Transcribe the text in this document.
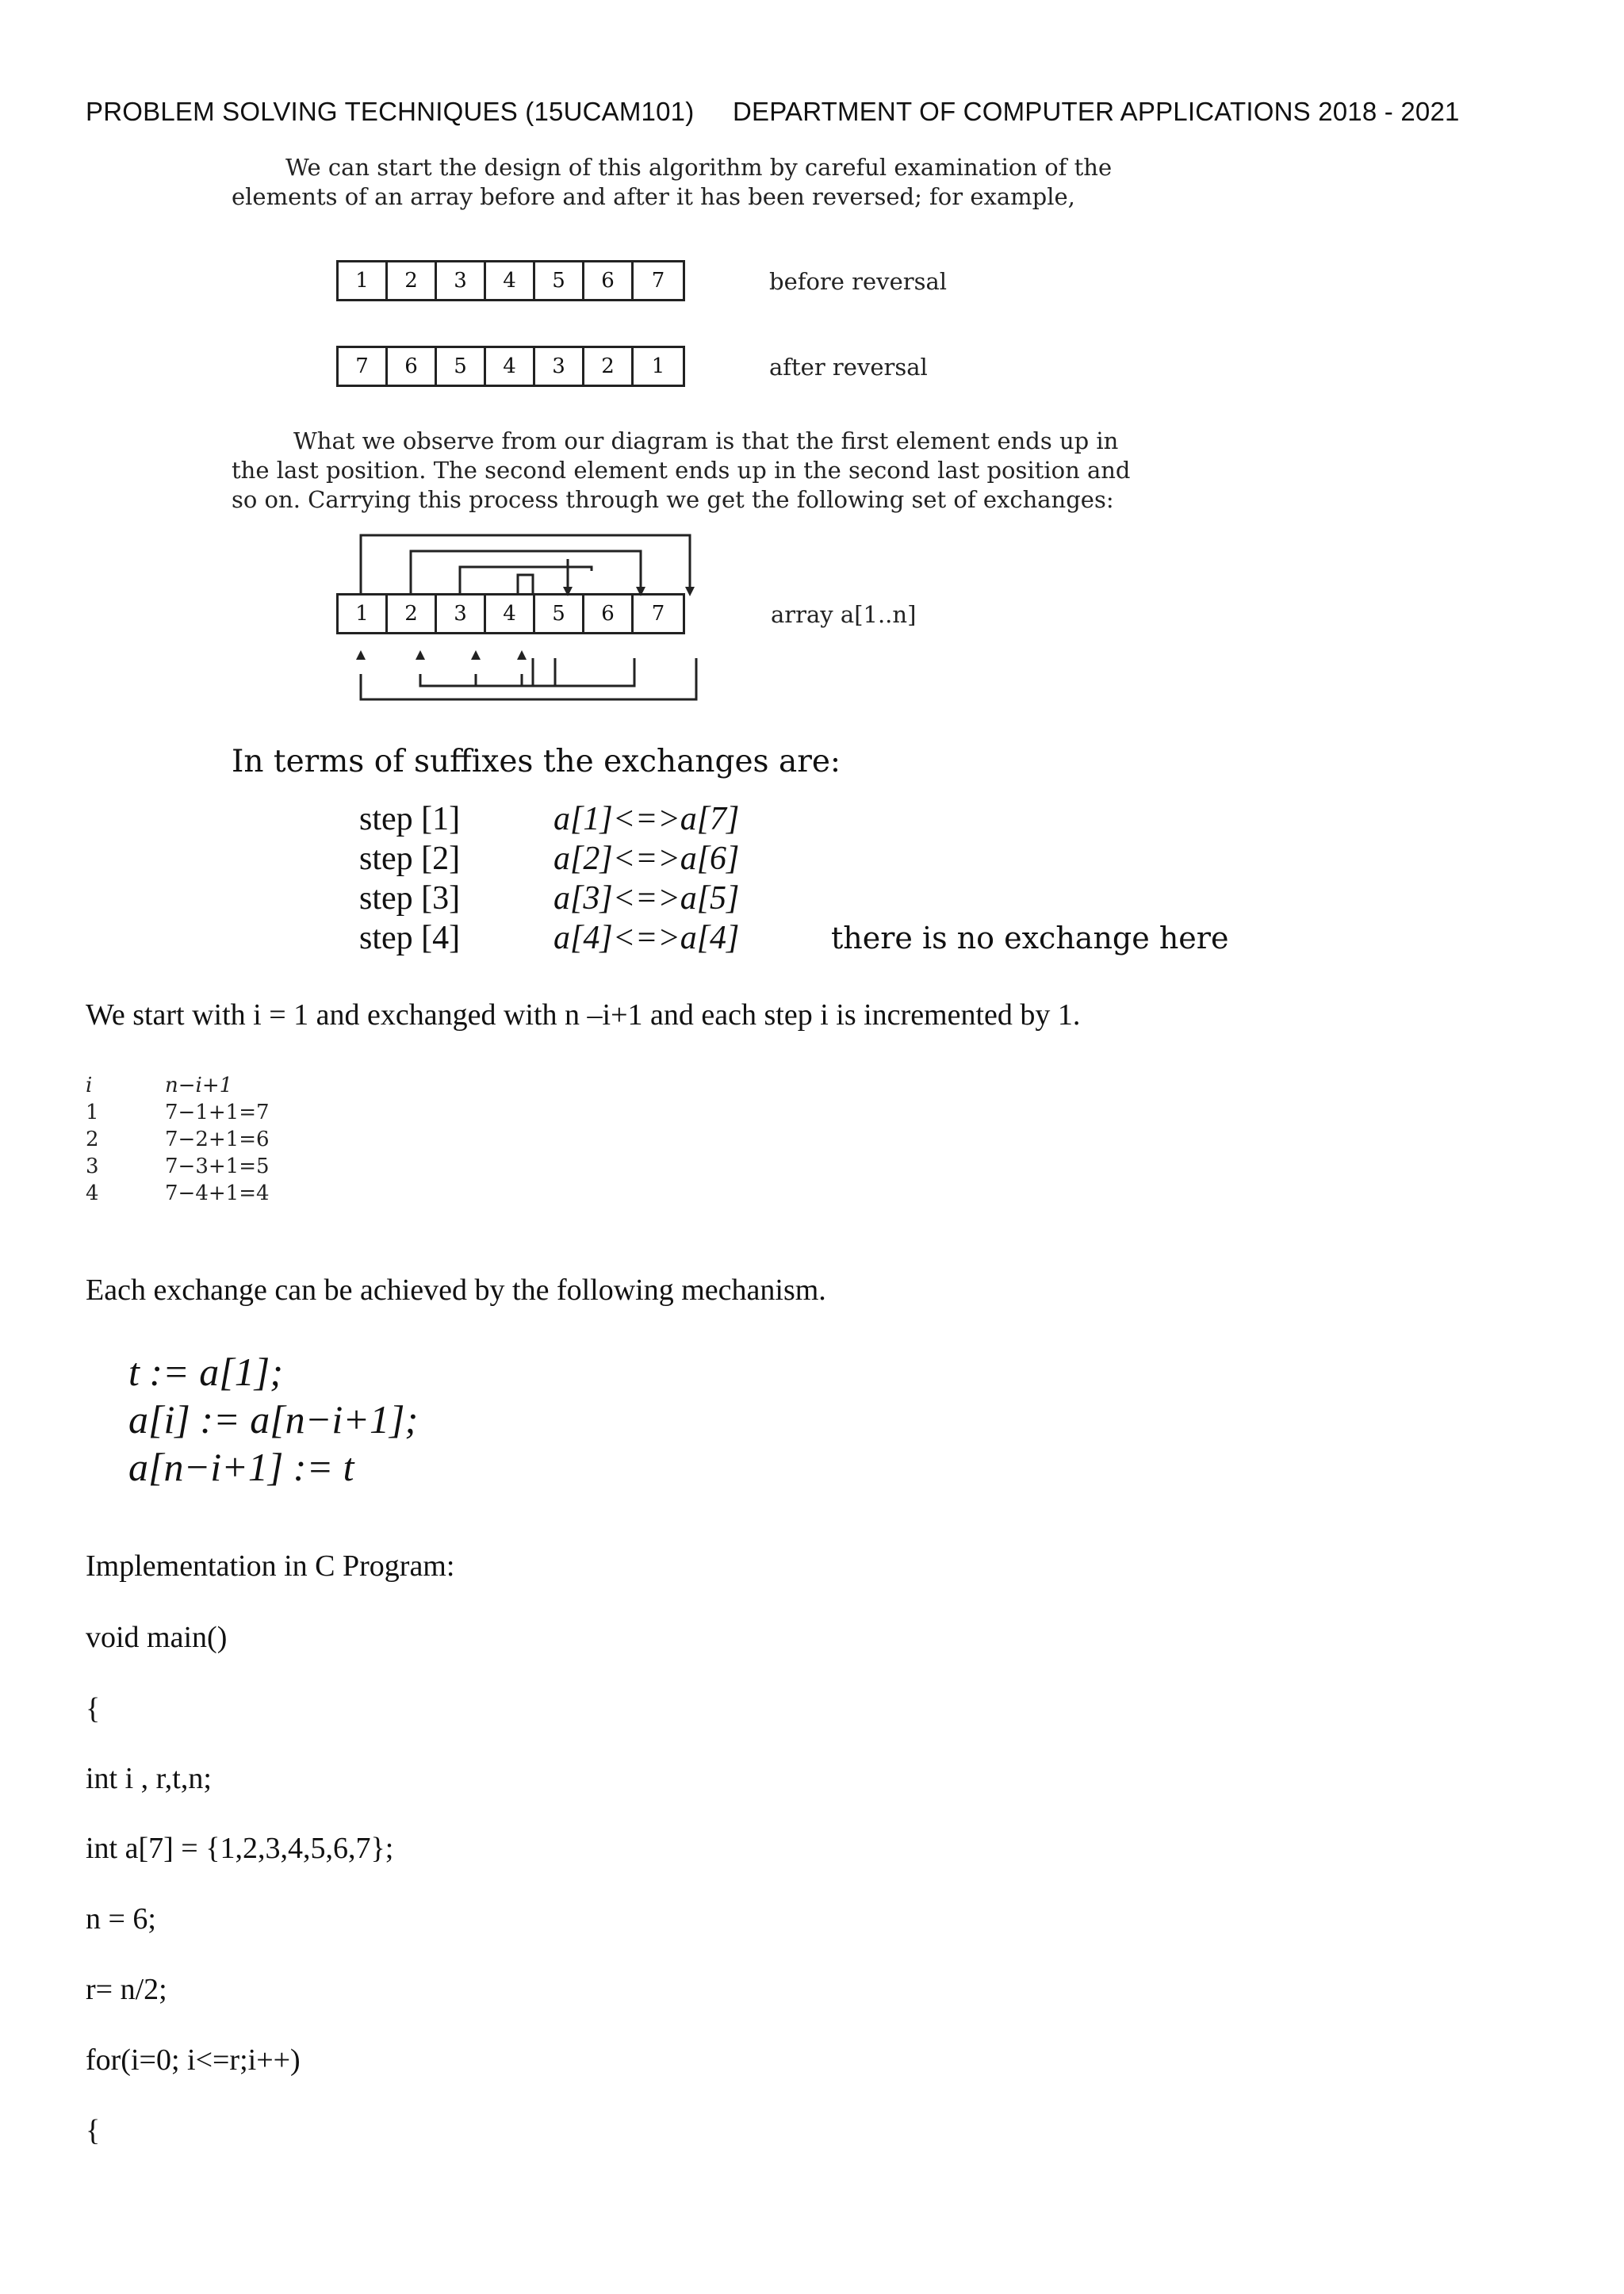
PROBLEM SOLVING TECHNIQUES (15UCAM101) DEPARTMENT OF COMPUTER APPLICATIONS 2018 - 2021

We can start the design of this algorithm by careful examination of the

elements of an array before and after it has been reversed; for example,

1	2	3	4	5	6	7	before reversal
7	6	5	4	3	2	1	after reversal

What we observe from our diagram is that the first element ends up in

the last position. The second element ends up in the second last position and

so on. Carrying this process through we get the following set of exchanges:

1	2	3	4	5	6	7	array a[1..n]
In terms of suffixes the exchanges are:
step [1]	a[1]<=>a[7]
step [2]	a[2]<=>a[6]
step [3]	a[3]<=>a[5]
step [4]	a[4]<=>a[4]	there is no exchange here
We start with i = 1 and exchanged with n –i+1 and each step i is incremented by 1.
i	n−i+1
1	7−1+1=7
2	7−2+1=6
3	7−3+1=5
4	7−4+1=4
Each exchange can be achieved by the following mechanism.
t := a[1];
a[i] := a[n−i+1];
a[n−i+1] := t
Implementation in C Program:
void main()
{
int i , r,t,n;
int a[7] = {1,2,3,4,5,6,7};
n = 6;
r= n/2;
for(i=0; i<=r;i++)
{
